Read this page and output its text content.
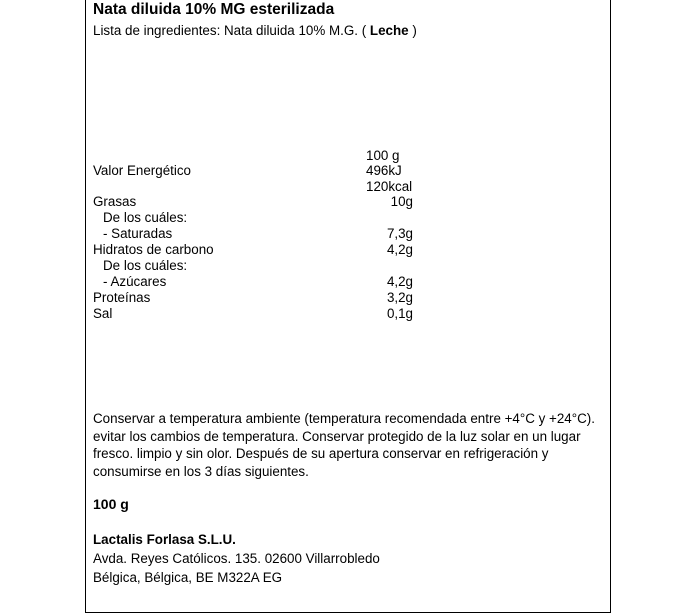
Nata diluida 10% MG esterilizada
Lista de ingredientes: Nata diluida 10% M.G. ( Leche )
100 g
Valor Energético	496kJ
120kcal
Grasas	10g
De los cuáles:
- Saturadas	7,3g
Hidratos de carbono	4,2g
De los cuáles:
- Azúcares	4,2g
Proteínas	3,2g
Sal	0,1g
Conservar a temperatura ambiente (temperatura recomendada entre +4°C y +24°C). evitar los cambios de temperatura. Conservar protegido de la luz solar en un lugar fresco. limpio y sin olor. Después de su apertura conservar en refrigeración y consumirse en los 3 días siguientes.
100 g
Lactalis Forlasa S.L.U.
Avda. Reyes Católicos. 135. 02600 Villarrobledo
Bélgica, Bélgica, BE M322A EG
